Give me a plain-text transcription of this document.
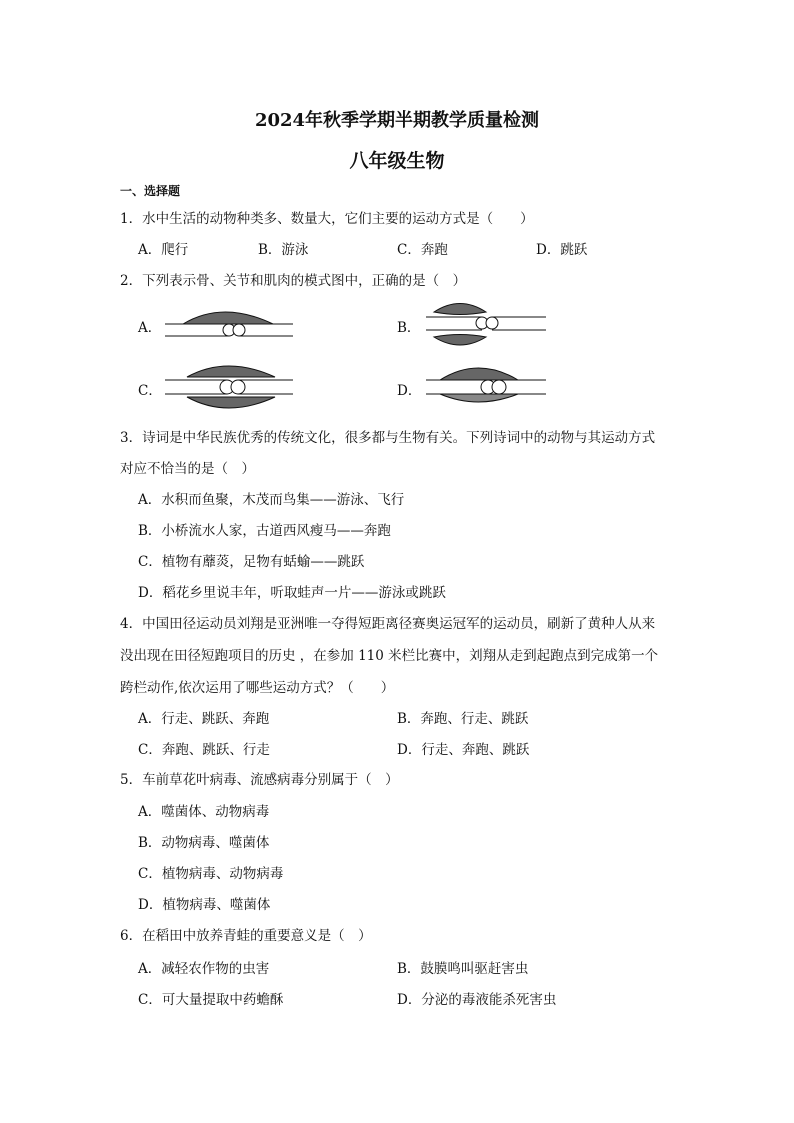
2024年秋季学期半期教学质量检测
八年级生物
一、选择题
1．水中生活的动物种类多、数量大，它们主要的运动方式是（　　）
A．爬行	B．游泳	C．奔跑	D．跳跃
2．下列表示骨、关节和肌肉的模式图中，正确的是（　）
A．	B．
C．	D．
3．诗词是中华民族优秀的传统文化，很多都与生物有关。下列诗词中的动物与其运动方式
对应不恰当的是（　）
A．水积而鱼聚，木茂而鸟集——游泳、飞行
B．小桥流水人家，古道西风瘦马——奔跑
C．植物有蘼菼，足物有蛞蝓——跳跃
D．稻花乡里说丰年，听取蛙声一片——游泳或跳跃
4．中国田径运动员刘翔是亚洲唯一夺得短距离径赛奥运冠军的运动员，刷新了黄种人从来
没出现在田径短跑项目的历史 ，在参加 110 米栏比赛中，刘翔从走到起跑点到完成第一个
跨栏动作,依次运用了哪些运动方式？（　　）
A．行走、跳跃、奔跑	B．奔跑、行走、跳跃
C．奔跑、跳跃、行走	D．行走、奔跑、跳跃
5．车前草花叶病毒、流感病毒分别属于（　）
A．噬菌体、动物病毒
B．动物病毒、噬菌体
C．植物病毒、动物病毒
D．植物病毒、噬菌体
6．在稻田中放养青蛙的重要意义是（　）
A．减轻农作物的虫害	B．鼓膜鸣叫驱赶害虫
C．可大量提取中药蟾酥	D．分泌的毒液能杀死害虫
